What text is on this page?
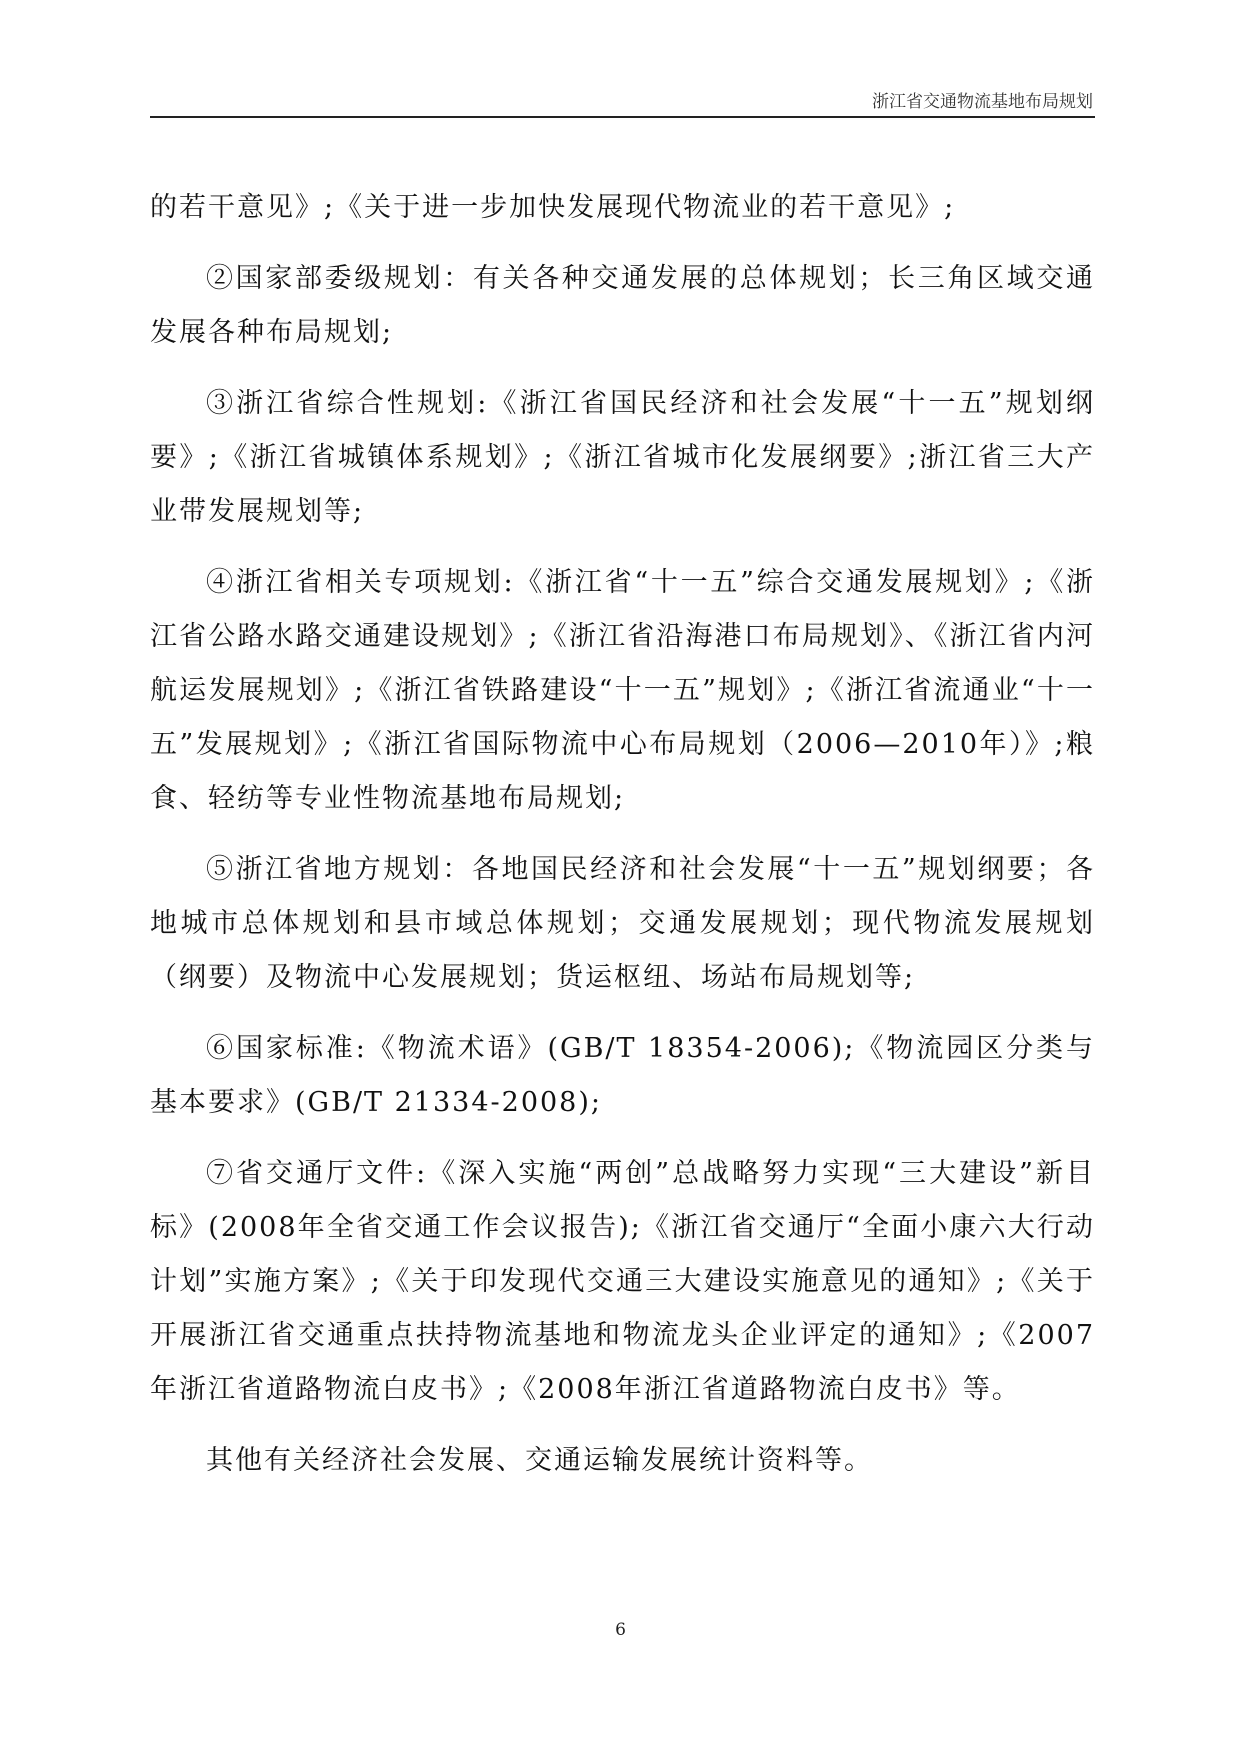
浙江省交通物流基地布局规划

的若干意见》;《关于进一步加快发展现代物流业的若干意见》;

②国家部委级规划：有关各种交通发展的总体规划；长三角区域交通发展各种布局规划;

③浙江省综合性规划:《浙江省国民经济和社会发展“十一五”规划纲要》;《浙江省城镇体系规划》;《浙江省城市化发展纲要》;浙江省三大产业带发展规划等;

④浙江省相关专项规划:《浙江省“十一五”综合交通发展规划》;《浙江省公路水路交通建设规划》;《浙江省沿海港口布局规划》、《浙江省内河航运发展规划》;《浙江省铁路建设“十一五”规划》;《浙江省流通业“十一五”发展规划》;《浙江省国际物流中心布局规划（2006—2010年）》;粮食、轻纺等专业性物流基地布局规划;

⑤浙江省地方规划：各地国民经济和社会发展“十一五”规划纲要；各地城市总体规划和县市域总体规划；交通发展规划；现代物流发展规划（纲要）及物流中心发展规划；货运枢纽、场站布局规划等;

⑥国家标准:《物流术语》(GB/T 18354-2006);《物流园区分类与基本要求》(GB/T 21334-2008);

⑦省交通厅文件:《深入实施“两创”总战略努力实现“三大建设”新目标》(2008年全省交通工作会议报告);《浙江省交通厅“全面小康六大行动计划”实施方案》;《关于印发现代交通三大建设实施意见的通知》;《关于开展浙江省交通重点扶持物流基地和物流龙头企业评定的通知》;《2007年浙江省道路物流白皮书》;《2008年浙江省道路物流白皮书》等。

其他有关经济社会发展、交通运输发展统计资料等。

6
